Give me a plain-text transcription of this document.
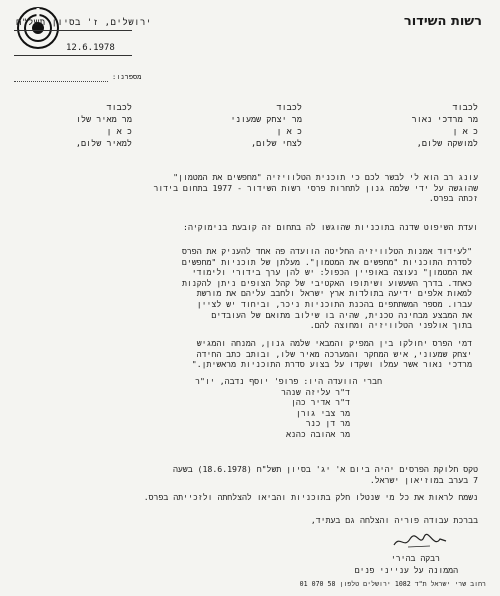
רשות השידור
ירושלים, ז' בסיון תשל"ח
12.6.1978
מספרנו:
לכבוד
מר מרדכי נאור
כ א ן
למושקה שלום,
לכבוד
מר יצחק שמעוני
כ א ן
לצחי שלום,
לכבוד
מר מאיר שלו
כ א ן
למאיר שלום,
עונג רב הוא לי לבשר לכם כי תוכנית הטלוויזיה "מחפשים את המטמון"
שהוגשה על ידי שלמה גנון לתחרות פרסי רשות השידור - 1977 בתחום בידור
זכתה בפרס.
ועדת השיפוט שדנה בתוכניות שהוגשו לה בתחום זה קובעת בנימוקיה:
"לעידוד אמנות הטלוויזיה החליטה הוועדה פה אחד להעניק את הפרס
לסדרת התוכניות "מחפשים את המטמון". מעלתן של תוכניות "מחפשים
את המטמון" נעוצה באופיין הכפול: יש להן ערך בידורי ולימודי
כאחד. בדרך השעשוע ושיתופו האקטיבי של קהל הצופים ניתן להקנות
למאות אלפים ידיעה בתולדות ארץ ישראל ולחבב עליהם את מורשת
עברו. מספר המשתתפים בהכנת התוכניות ניכר, וביחוד יש לציין
את המבצע מבחינה טכנית, שהיה בו שילוב מתואם של העובדים
בתוך אולפני הטלוויזיה ומחוצה להם.
דמי הפרס יחולקו בין המפיק והמבאי שלמה גנון, המנחה והמגיש
יצחק שמעוני, איש המחקר והמערכה מאיר שלו, ובותב כתב החידה
מרדכי נאור אשר עמלו ושקדו על בצוע סדרת התוכניות מראשיתן."
חברי הוועדה היו: פרופ' יוסף נדבה, יו"ר
ד"ר עליזה שנהר
ד"ר אדיר כהן
מר צבי גורן
מר דן כנר
מר אהובה כהנא
טקס חלוקת הפרסים יהיה ביום א' יג' בסיון תשל"ח (18.6.1978) בשעה
7 בערב במוזיאון ישראל.
נשמח לראות את כל מי שנטלו חלק בתוכניות והביאו להצלחתה ולזכייתה בפרס.
בברכת עבודה פוריה והצלחה גם בעתיד,
רבקה בהירי
הממונה על ענייני פנים
רחוב שרי ישראל ת"ד 1082 ירושלים טלפון 58 070 01
